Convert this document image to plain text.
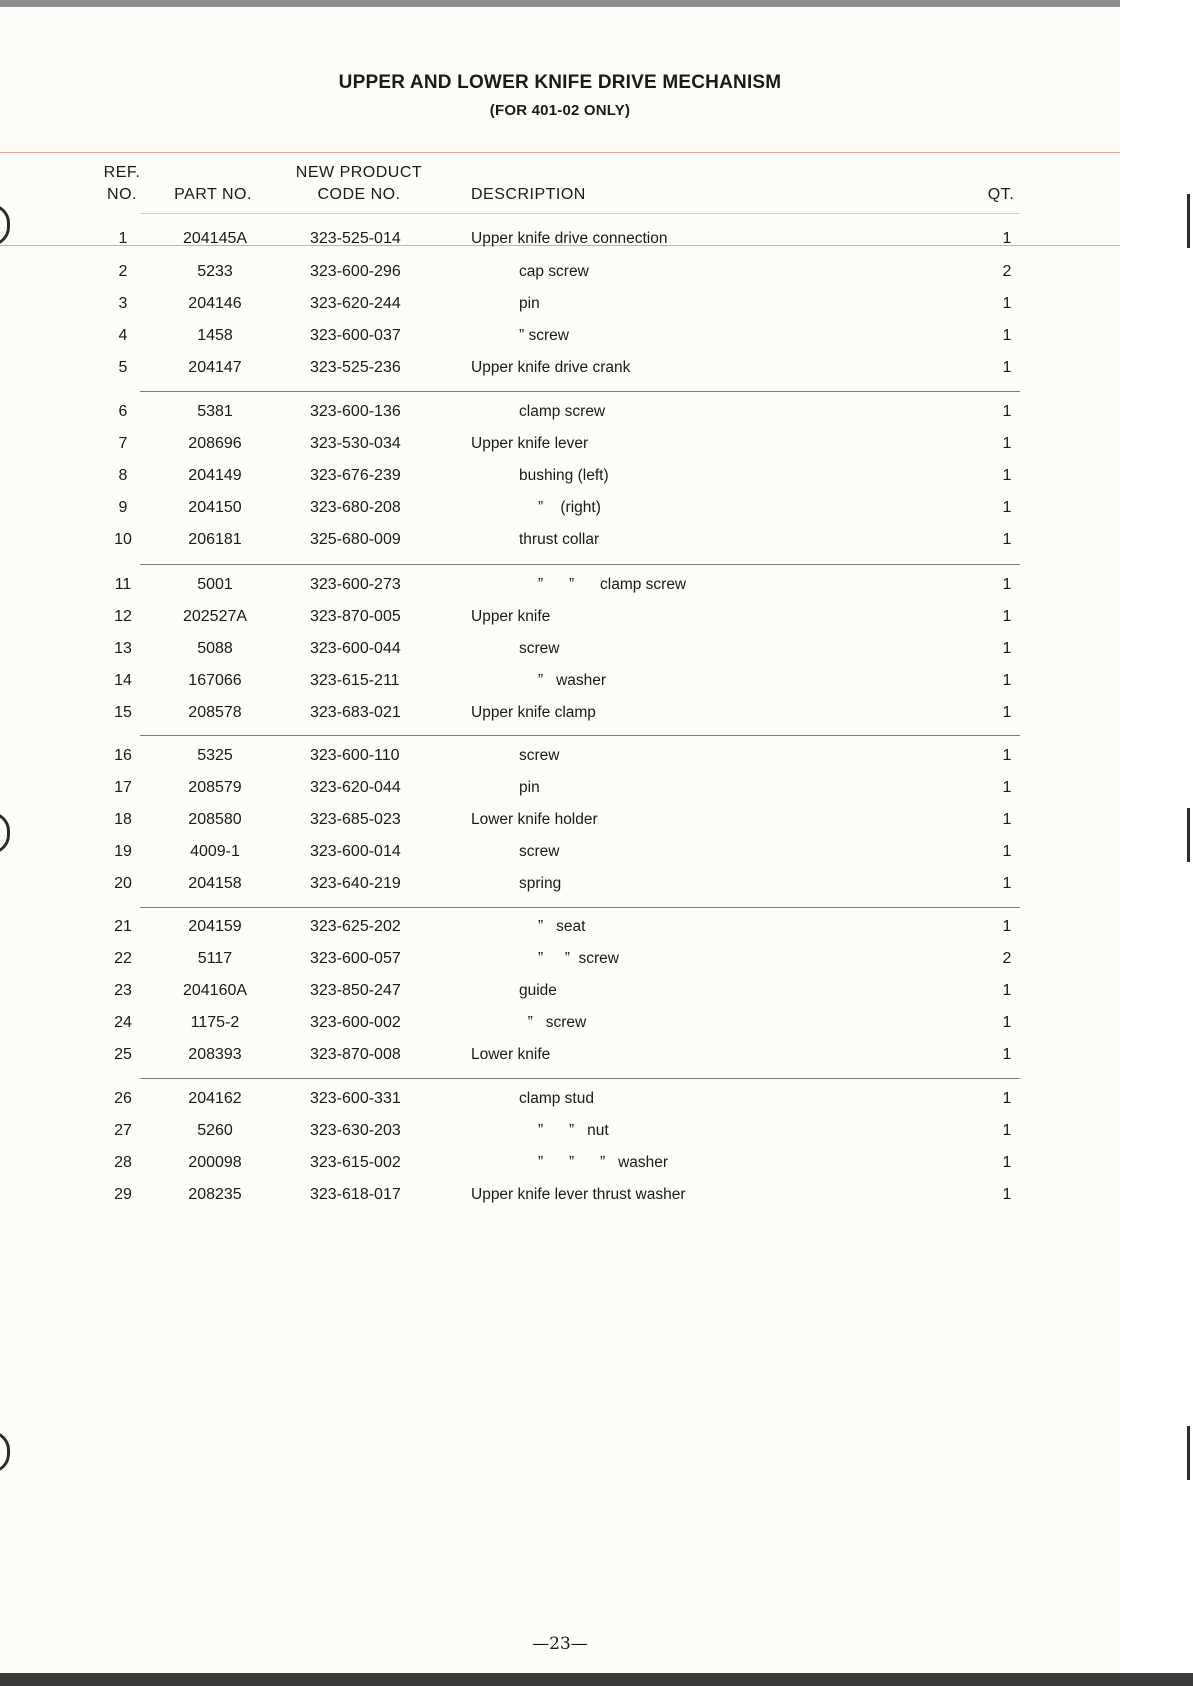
UPPER AND LOWER KNIFE DRIVE MECHANISM
(FOR 401-02 ONLY)
REF.
NO.	PART NO.
NEW PRODUCT
CODE NO.	DESCRIPTION	QT.
1	204145A	323-525-014	Upper knife drive connection	1
2	5233	323-600-296	cap screw	2
3	204146	323-620-244	pin	1
4	1458	323-600-037	” screw	1
5	204147	323-525-236	Upper knife drive crank	1
6	5381	323-600-136	clamp screw	1
7	208696	323-530-034	Upper knife lever	1
8	204149	323-676-239	bushing (left)	1
9	204150	323-680-208	”    (right)	1
10	206181	325-680-009	thrust collar	1
11	5001	323-600-273	”      ”      clamp screw	1
12	202527A	323-870-005	Upper knife	1
13	5088	323-600-044	screw	1
14	167066	323-615-211	”   washer	1
15	208578	323-683-021	Upper knife clamp	1
16	5325	323-600-110	screw	1
17	208579	323-620-044	pin	1
18	208580	323-685-023	Lower knife holder	1
19	4009-1	323-600-014	screw	1
20	204158	323-640-219	spring	1
21	204159	323-625-202	”   seat	1
22	5117	323-600-057	”     ”  screw	2
23	204160A	323-850-247	guide	1
24	1175-2	323-600-002	”   screw	1
25	208393	323-870-008	Lower knife	1
26	204162	323-600-331	clamp stud	1
27	5260	323-630-203	”      ”   nut	1
28	200098	323-615-002	”      ”      ”   washer	1
29	208235	323-618-017	Upper knife lever thrust washer	1
—23—
